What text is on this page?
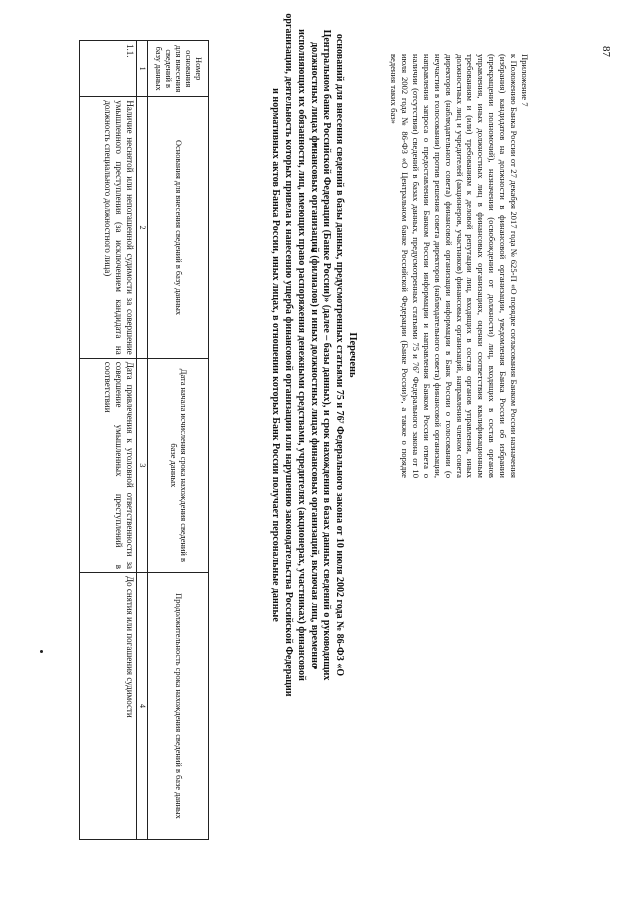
Приложение 7

к Положению Банка России от 27 декабря 2017 года № 625-П «О порядке согласования Банком России назначения (избрания) кандидатов на должности в финансовой организации, уведомления Банка России об избрании (прекращении полномочий), назначении (освобождении от должности) лиц, входящих в состав органов управления, иных должностных лиц в финансовых организациях, оценки соответствия квалификационным требованиям и (или) требованиям к деловой репутации лиц, входящих в состав органов управления, иных должностных лиц и учредителей (акционеров, участников) финансовых организаций, направления членом совета директоров (наблюдательного совета) финансовой организации информации в Банк России о голосовании (о неучастии в голосовании) против решения совета директоров (наблюдательного совета) финансовой организации, направления запроса о предоставлении Банком России информации и направления Банком России ответа о наличии (отсутствии) сведений в базах данных, предусмотренных статьями 75 и 76⁷ Федерального закона от 10 июля 2002 года № 86-ФЗ «О Центральном банке Российской Федерации (Банке России)», а также о порядке ведения таких баз»

Перечень
оснований для внесения сведений в базы данных, предусмотренных статьями 75 и 76⁷ Федерального закона от 10 июля 2002 года № 86-ФЗ «О Центральном банке Российской Федерации (Банке России)» (далее – базы данных), и срок нахождения в базах данных сведений о руководящих должностных лицах финансовых организаций (филиалов) и иных должностных лицах финансовых организаций, включая лиц, временно исполняющих их обязанности, лиц, имеющих право распоряжения денежными средствами, учредителях (акционерах, участниках) финансовой организации, деятельность которых привела к нанесению ущерба финансовой организации или нарушению законодательства Российской Федерации и нормативных актов Банка России, иных лицах, в отношении которых Банк России получает персональные данные
Номер основания для внесения сведений в базу данных	Основания для внесения сведений в базу данных	Дата начала исчисления срока нахождения сведений в базе данных	Продолжительность срока нахождения сведений в базе данных
1	2	3	4
1.1.	Наличие неснятой или непогашенной судимости за совершение умышленного преступления (за исключением кандидата на должность специального должностного лица)	Дата привлечения к уголовной ответственности за совершение умышленных преступлений в соответствии	До снятия или погашения судимости
87
